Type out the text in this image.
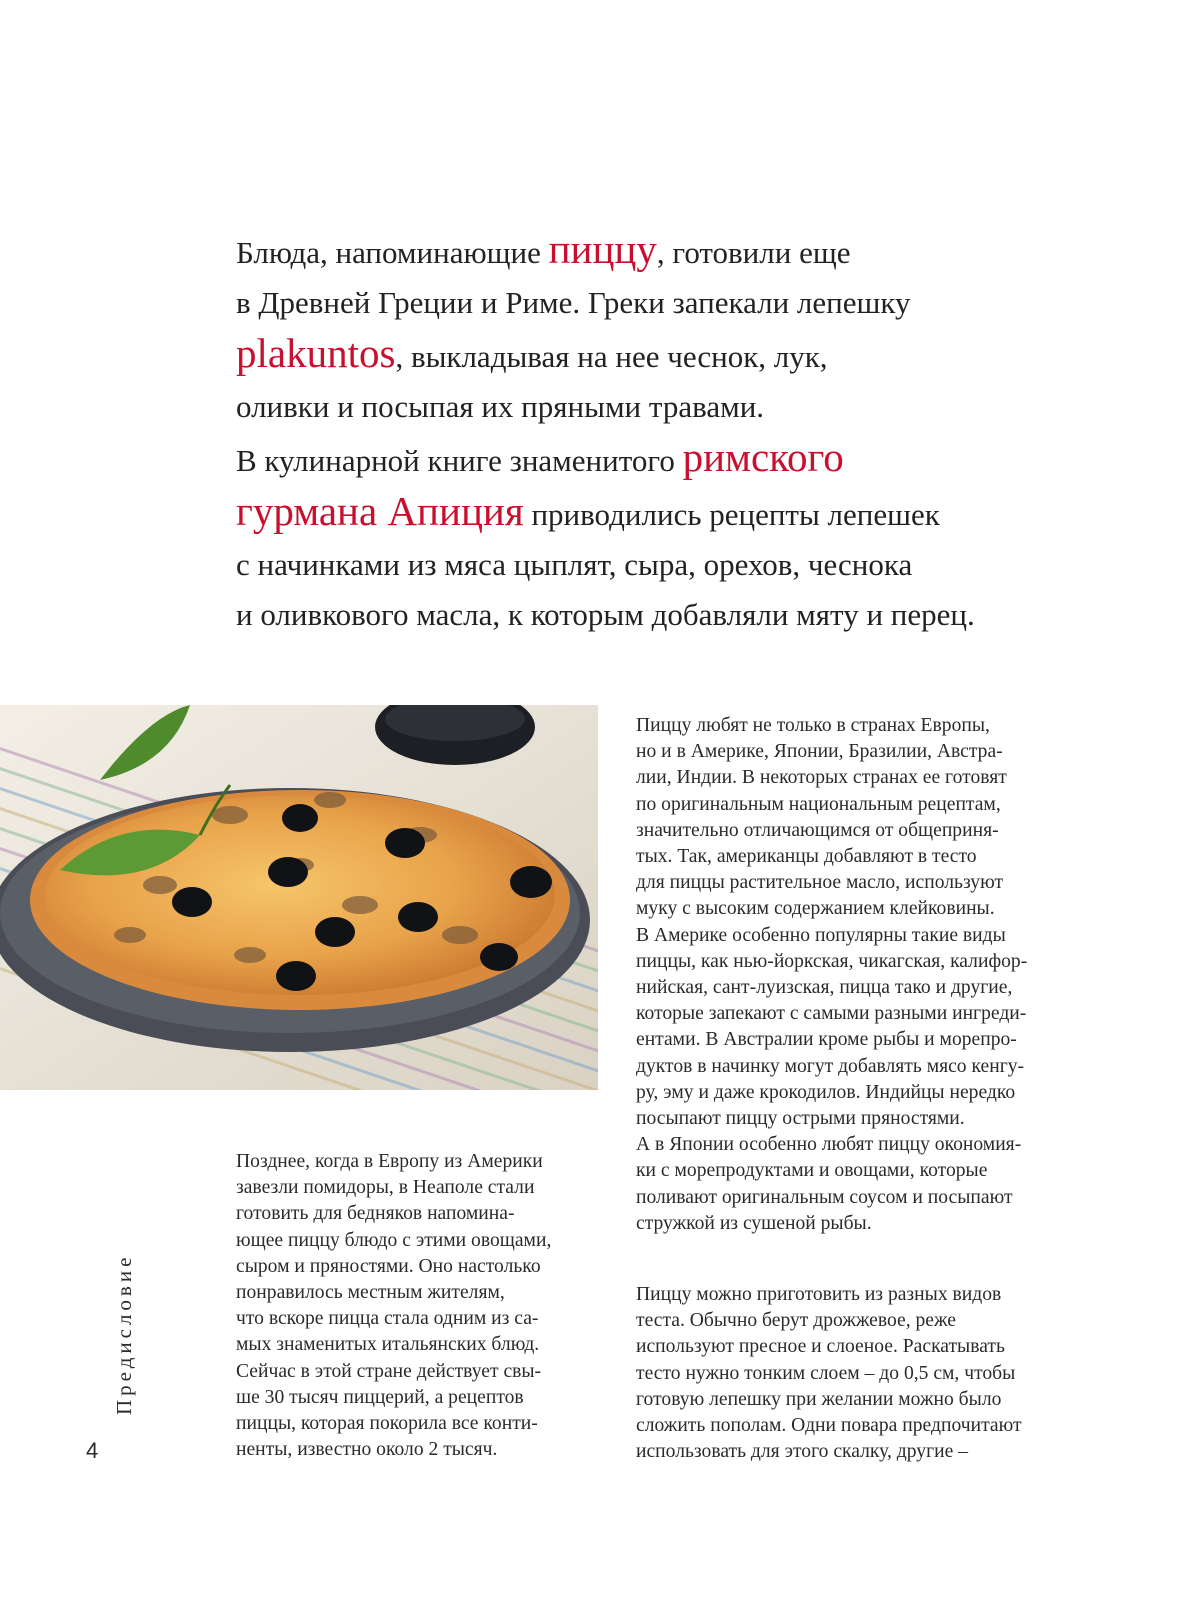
Блюда, напоминающие пиццу, готовили еще
в Древней Греции и Риме. Греки запекали лепешку
plakuntos, выкладывая на нее чеснок, лук,
оливки и посыпая их пряными травами.
В кулинарной книге знаменитого римского
гурмана Апиция приводились рецепты лепешек
с начинками из мяса цыплят, сыра, орехов, чеснока
и оливкового масла, к которым добавляли мяту и перец.
Позднее, когда в Европу из Америки
завезли помидоры, в Неаполе стали
готовить для бедняков напомина-
ющее пиццу блюдо с этими овощами,
сыром и пряностями. Оно настолько
понравилось местным жителям,
что вскоре пицца стала одним из са-
мых знаменитых итальянских блюд.
Сейчас в этой стране действует свы-
ше 30 тысяч пиццерий, а рецептов
пиццы, которая покорила все конти-
ненты, известно около 2 тысяч.
Пиццу любят не только в странах Европы,
но и в Америке, Японии, Бразилии, Австра-
лии, Индии. В некоторых странах ее готовят
по оригинальным национальным рецептам,
значительно отличающимся от общеприня-
тых. Так, американцы добавляют в тесто
для пиццы растительное масло, используют
муку с высоким содержанием клейковины.
В Америке особенно популярны такие виды
пиццы, как нью-йоркская, чикагская, калифор-
нийская, сант-луизская, пицца тако и другие,
которые запекают с самыми разными ингреди-
ентами. В Австралии кроме рыбы и морепро-
дуктов в начинку могут добавлять мясо кенгу-
ру, эму и даже крокодилов. Индийцы нередко
посыпают пиццу острыми пряностями.
А в Японии особенно любят пиццу окономия-
ки с морепродуктами и овощами, которые
поливают оригинальным соусом и посыпают
стружкой из сушеной рыбы.
Пиццу можно приготовить из разных видов
теста. Обычно берут дрожжевое, реже
используют пресное и слоеное. Раскатывать
тесто нужно тонким слоем – до 0,5 см, чтобы
готовую лепешку при желании можно было
сложить пополам. Одни повара предпочитают
использовать для этого скалку, другие –
Предисловие
4
